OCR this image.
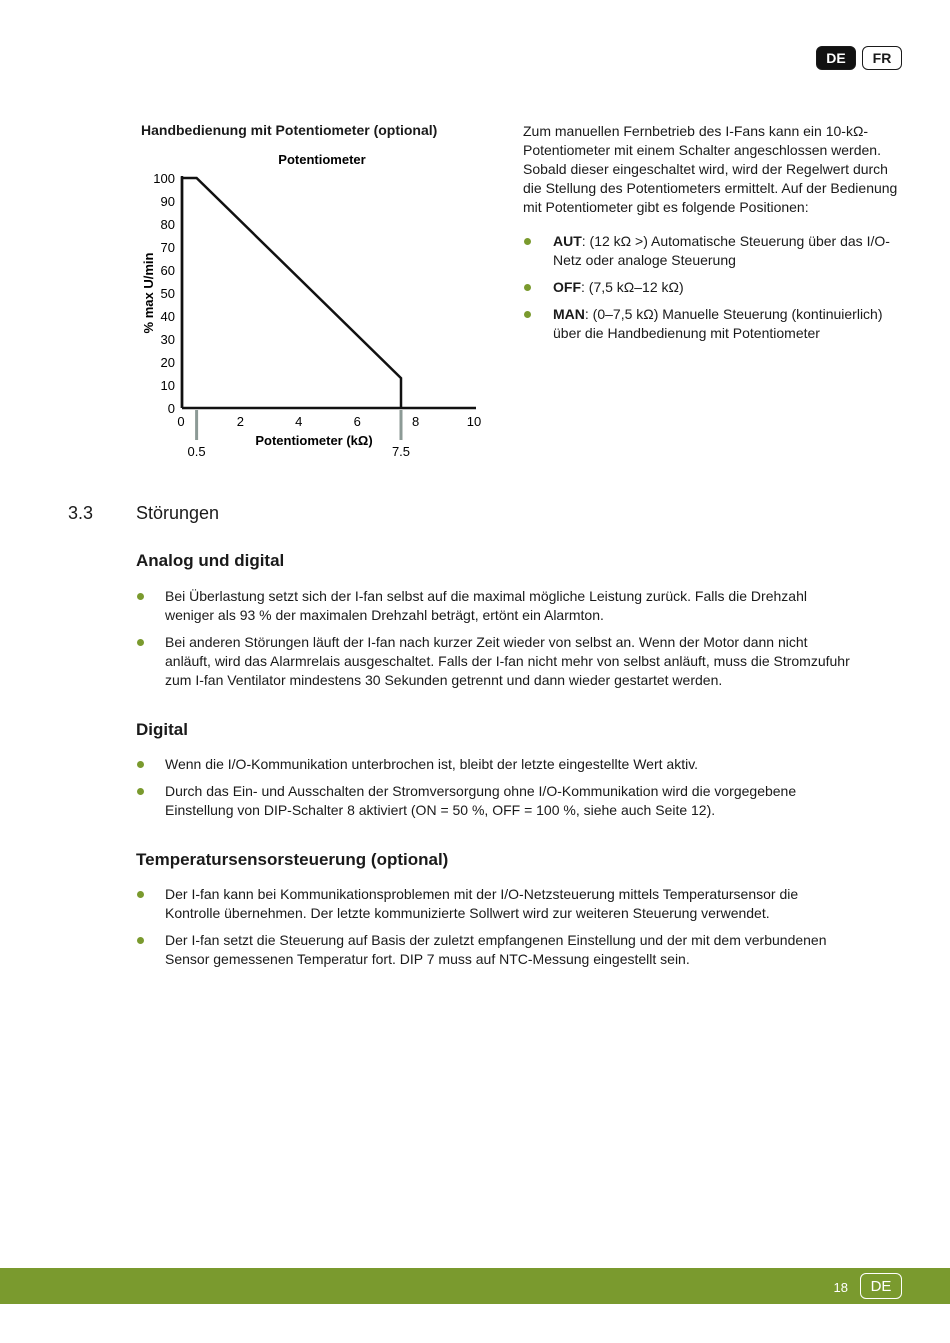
DE	FR
Handbedienung mit Potentiometer (optional)
Potentiometer
0.5	7.5
0
10
20
30
40
50
60
70
80
90
100
0	2	4	6	8	10
Potentiometer (kΩ)
% max U/min

Zum manuellen Fernbetrieb des I-Fans kann ein 10-kΩ-Potentiometer mit einem Schalter angeschlossen werden. Sobald dieser eingeschaltet wird, wird der Regelwert durch die Stellung des Potentiometers ermittelt. Auf der Bedienung mit Potentiometer gibt es folgende Positionen:

AUT: (12 kΩ >) Automatische Steuerung über das I/O-Netz oder analoge Steuerung
OFF: (7,5 kΩ–12 kΩ)
MAN: (0–7,5 kΩ) Manuelle Steuerung (kontinuierlich) über die Handbedienung mit Potentiometer
3.3 Störungen
Analog und digital
Bei Überlastung setzt sich der I-fan selbst auf die maximal mögliche Leistung zurück. Falls die Drehzahl weniger als 93 % der maximalen Drehzahl beträgt, ertönt ein Alarmton.
Bei anderen Störungen läuft der I-fan nach kurzer Zeit wieder von selbst an. Wenn der Motor dann nicht anläuft, wird das Alarmrelais ausgeschaltet. Falls der I-fan nicht mehr von selbst anläuft, muss die Stromzufuhr zum I-fan Ventilator mindestens 30 Sekunden getrennt und dann wieder gestartet werden.
Digital
Wenn die I/O-Kommunikation unterbrochen ist, bleibt der letzte eingestellte Wert aktiv.
Durch das Ein- und Ausschalten der Stromversorgung ohne I/O-Kommunikation wird die vorgegebene Einstellung von DIP-Schalter 8 aktiviert (ON = 50 %, OFF = 100 %, siehe auch Seite 12).
Temperatursensorsteuerung (optional)
Der I-fan kann bei Kommunikationsproblemen mit der I/O-Netzsteuerung mittels Temperatursensor die Kontrolle übernehmen. Der letzte kommunizierte Sollwert wird zur weiteren Steuerung verwendet.
Der I-fan setzt die Steuerung auf Basis der zuletzt empfangenen Einstellung und der mit dem verbundenen Sensor gemessenen Temperatur fort. DIP 7 muss auf NTC-Messung eingestellt sein.
18	DE
